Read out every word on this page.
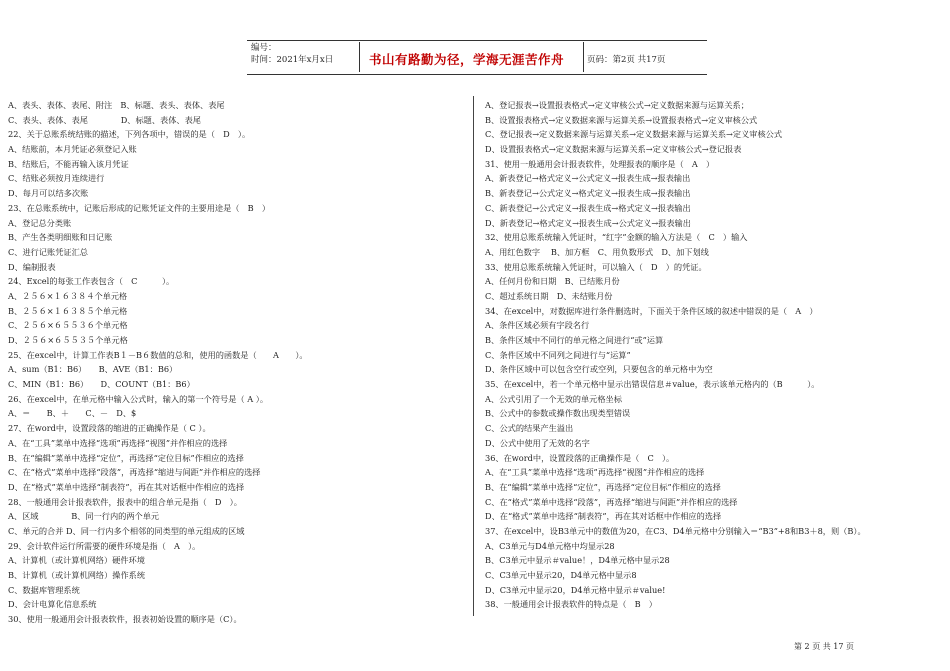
编号：
时间：2021年x月x日	书山有路勤为径，学海无涯苦作舟	页码：第2页 共17页
A、表头、表体、表尾、附注　B、标题、表头、表体、表尾
C、表头、表体、表尾　　　　D、标题、表体、表尾
22、关于总账系统结账的描述，下列各项中，错误的是（　D　）。
A、结账前，本月凭证必须登记入账
B、结账后，不能再输入该月凭证
C、结账必须按月连续进行
D、每月可以结多次账
23、在总账系统中，记账后形成的记账凭证文件的主要用途是（　B　）
A、登记总分类账
B、产生各类明细账和日记账
C、进行记账凭证汇总
D、编制报表
24、Excel的每张工作表包含（　C　　　）。
A、２５６×１６３８４个单元格
B、２５６×１６３８５个单元格
C、２５６×６５５３６个单元格
D、２５６×６５５３５个单元格
25、在excel中，计算工作表B１－B６数值的总和，使用的函数是（　　A　　）。
A、sum（B1：B6）　　B、AVE（B1：B6）
C、MIN（B1：B6）　　D、COUNT（B1：B6）
26、在excel中，在单元格中输入公式时，输入的第一个符号是（ A ）。
A、＝　　B、＋　　C、－　D、$
27、在word中，设置段落的缩进的正确操作是（ C ）。
A、在“工具”菜单中选择“选项”再选择“视图”并作相应的选择
B、在“编辑”菜单中选择“定位”，再选择“定位目标”作相应的选择
C、在“格式”菜单中选择“段落”，再选择“缩进与间距”并作相应的选择
D、在“格式”菜单中选择“制表符”，再在其对话框中作相应的选择
28、一般通用会计报表软件，报表中的组合单元是指（　D　）。
A、区域　　　　B、同一行内的两个单元
C、单元的合并 D、同一行内多个相邻的同类型的单元组成的区域
29、会计软件运行所需要的硬件环境是指（　A　）。
A、计算机（或计算机网络）硬件环境
B、计算机（或计算机网络）操作系统
C、数据库管理系统
D、会计电算化信息系统
30、使用一般通用会计报表软件，报表初始设置的顺序是（C）。
A、登记报表→设置报表格式→定义审核公式→定义数据来源与运算关系；
B、设置报表格式→定义数据来源与运算关系→设置报表格式→定义审核公式
C、登记报表→定义数据来源与运算关系→定义数据来源与运算关系→定义审核公式
D、设置报表格式→定义数据来源与运算关系→定义审核公式→登记报表
31、使用一般通用会计报表软件，处理报表的顺序是（　A　）
A、新表登记→格式定义→公式定义→报表生成→报表输出
B、新表登记→公式定义→格式定义→报表生成→报表输出
C、新表登记→公式定义→报表生成→格式定义→报表输出
D、新表登记→格式定义→报表生成→公式定义→报表输出
32、使用总账系统输入凭证时，“红字”金额的输入方法是（　C　）输入
A、用红色数字　 B、加方框　C、用负数形式　D、加下划线
33、使用总账系统输入凭证时，可以输入（　D　）的凭证。
A、任何月份和日期　B、已结账月份
C、超过系统日期　D、未结账月份
34、在excel中，对数据库进行条件删选时，下面关于条件区域的叙述中错误的是（　A　）
A、条件区域必须有字段名行
B、条件区域中不同行的单元格之间进行“或”运算
C、条件区域中不同列之间进行与“运算”
D、条件区域中可以包含空行或空列，只要包含的单元格中为空
35、在excel中，若一个单元格中显示出错误信息＃value，表示该单元格内的（B　　　）。
A、公式引用了一个无效的单元格坐标
B、公式中的参数或操作数出现类型错误
C、公式的结果产生溢出
D、公式中使用了无效的名字
36、在word中，设置段落的正确操作是（　C　）。
A、在“工具”菜单中选择“选项”再选择“视图”并作相应的选择
B、在“编辑”菜单中选择“定位”，再选择“定位目标”作相应的选择
C、在“格式”菜单中选择“段落”，再选择“缩进与间距”并作相应的选择
D、在“格式”菜单中选择“制表符”，再在其对话框中作相应的选择
37、在excel中，设B3单元中的数值为20，在C3、D4单元格中分别输入＝“B3”+8和B3＋8，则（B）。
A、C3单元与D4单元格中均显示28
B、C3单元中显示＃value！，D4单元格中显示28
C、C3单元中显示20，D4单元格中显示8
D、C3单元中显示20，D4单元格中显示＃value!
38、一般通用会计报表软件的特点是（　B　）
第 2 页 共 17 页
